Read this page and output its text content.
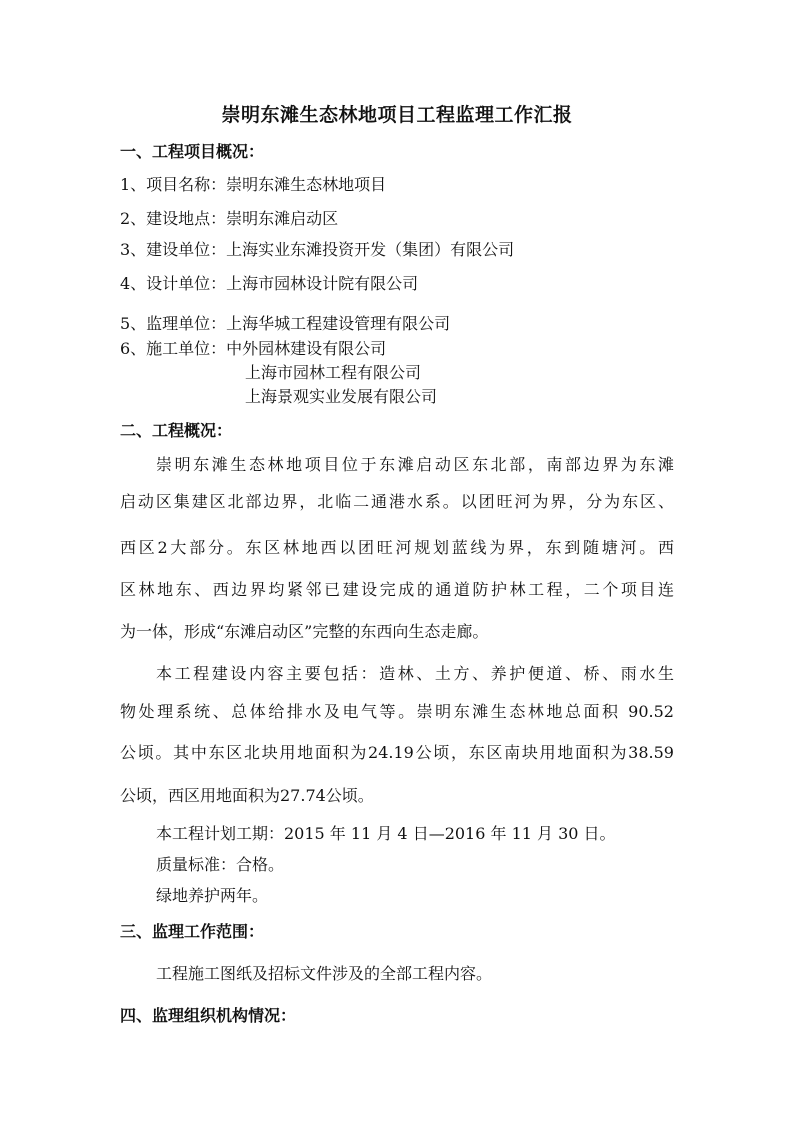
崇明东滩生态林地项目工程监理工作汇报
一、工程项目概况：
1、项目名称：崇明东滩生态林地项目
2、建设地点：崇明东滩启动区
3、建设单位：上海实业东滩投资开发（集团）有限公司
4、设计单位：上海市园林设计院有限公司
5、监理单位：上海华城工程建设管理有限公司
6、施工单位：中外园林建设有限公司
上海市园林工程有限公司
上海景观实业发展有限公司
二、工程概况：
崇明东滩生态林地项目位于东滩启动区东北部，南部边界为东滩
启动区集建区北部边界，北临二通港水系。以团旺河为界，分为东区、
西区2大部分。东区林地西以团旺河规划蓝线为界，东到随塘河。西
区林地东、西边界均紧邻已建设完成的通道防护林工程，二个项目连
为一体，形成“东滩启动区”完整的东西向生态走廊。
本工程建设内容主要包括：造林、土方、养护便道、桥、雨水生
物处理系统、总体给排水及电气等。崇明东滩生态林地总面积 90.52
公顷。其中东区北块用地面积为24.19公顷，东区南块用地面积为38.59
公顷，西区用地面积为27.74公顷。
本工程计划工期：2015 年 11 月 4 日—2016 年 11 月 30 日。
质量标准：合格。
绿地养护两年。
三、监理工作范围：
工程施工图纸及招标文件涉及的全部工程内容。
四、监理组织机构情况：
